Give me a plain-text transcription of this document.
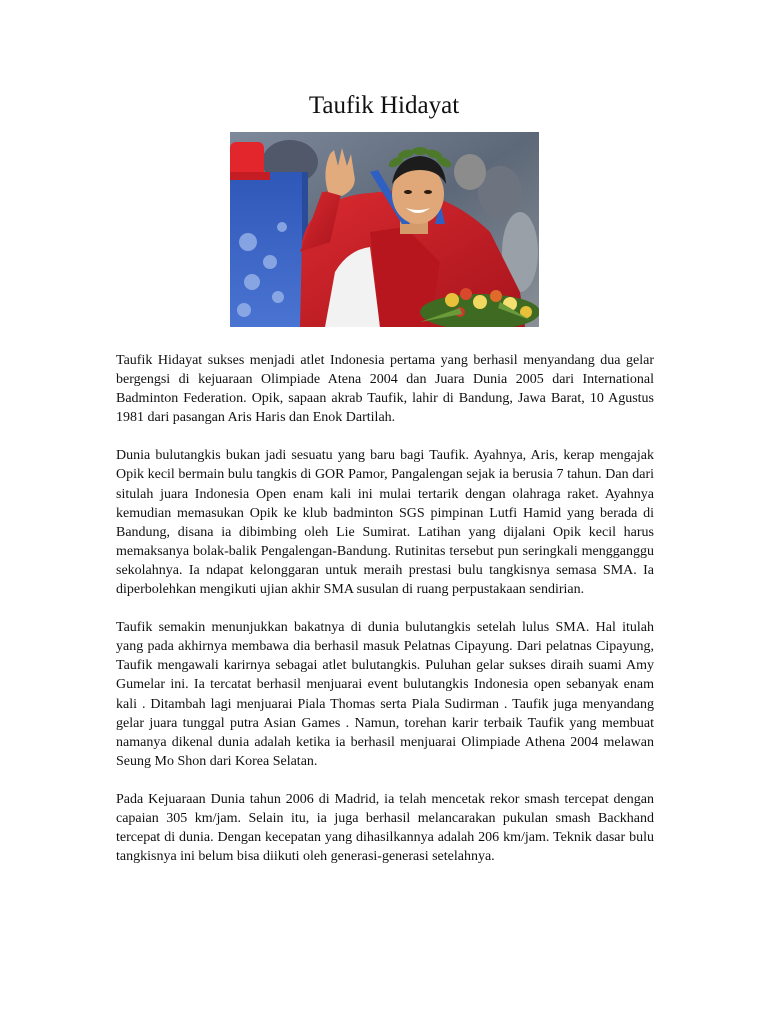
Taufik Hidayat

Taufik Hidayat sukses menjadi atlet Indonesia pertama yang berhasil menyandang dua gelar bergengsi di kejuaraan Olimpiade Atena 2004 dan Juara Dunia 2005 dari International Badminton Federation. Opik, sapaan akrab Taufik, lahir di Bandung, Jawa Barat, 10 Agustus 1981 dari pasangan Aris Haris dan Enok Dartilah.

Dunia bulutangkis bukan jadi sesuatu yang baru bagi Taufik. Ayahnya, Aris, kerap mengajak Opik kecil bermain bulu tangkis di GOR Pamor, Pangalengan sejak ia berusia 7 tahun. Dan dari situlah juara Indonesia Open enam kali ini mulai tertarik dengan olahraga raket. Ayahnya kemudian memasukan Opik ke klub badminton SGS pimpinan Lutfi Hamid yang berada di Bandung, disana ia dibimbing oleh Lie Sumirat. Latihan yang dijalani Opik kecil harus memaksanya bolak-balik Pengalengan-Bandung. Rutinitas tersebut pun seringkali mengganggu sekolahnya. Ia ndapat kelonggaran untuk meraih prestasi bulu tangkisnya semasa SMA. Ia diperbolehkan mengikuti ujian akhir SMA susulan di ruang perpustakaan sendirian.

Taufik semakin menunjukkan bakatnya di dunia bulutangkis setelah lulus SMA. Hal itulah yang pada akhirnya membawa dia berhasil masuk Pelatnas Cipayung. Dari pelatnas Cipayung, Taufik mengawali karirnya sebagai atlet bulutangkis. Puluhan gelar sukses diraih suami Amy Gumelar ini. Ia tercatat berhasil menjuarai event bulutangkis Indonesia open sebanyak enam kali . Ditambah lagi menjuarai Piala Thomas serta Piala Sudirman . Taufik juga menyandang gelar juara tunggal putra Asian Games . Namun, torehan karir terbaik Taufik yang membuat namanya dikenal dunia adalah ketika ia berhasil menjuarai Olimpiade Athena 2004 melawan Seung Mo Shon dari Korea Selatan.

Pada Kejuaraan Dunia tahun 2006 di Madrid, ia telah mencetak rekor smash tercepat dengan capaian 305 km/jam. Selain itu, ia juga berhasil melancarakan pukulan smash Backhand tercepat di dunia. Dengan kecepatan yang dihasilkannya adalah 206 km/jam. Teknik dasar bulu tangkisnya ini belum bisa diikuti oleh generasi-generasi setelahnya.
